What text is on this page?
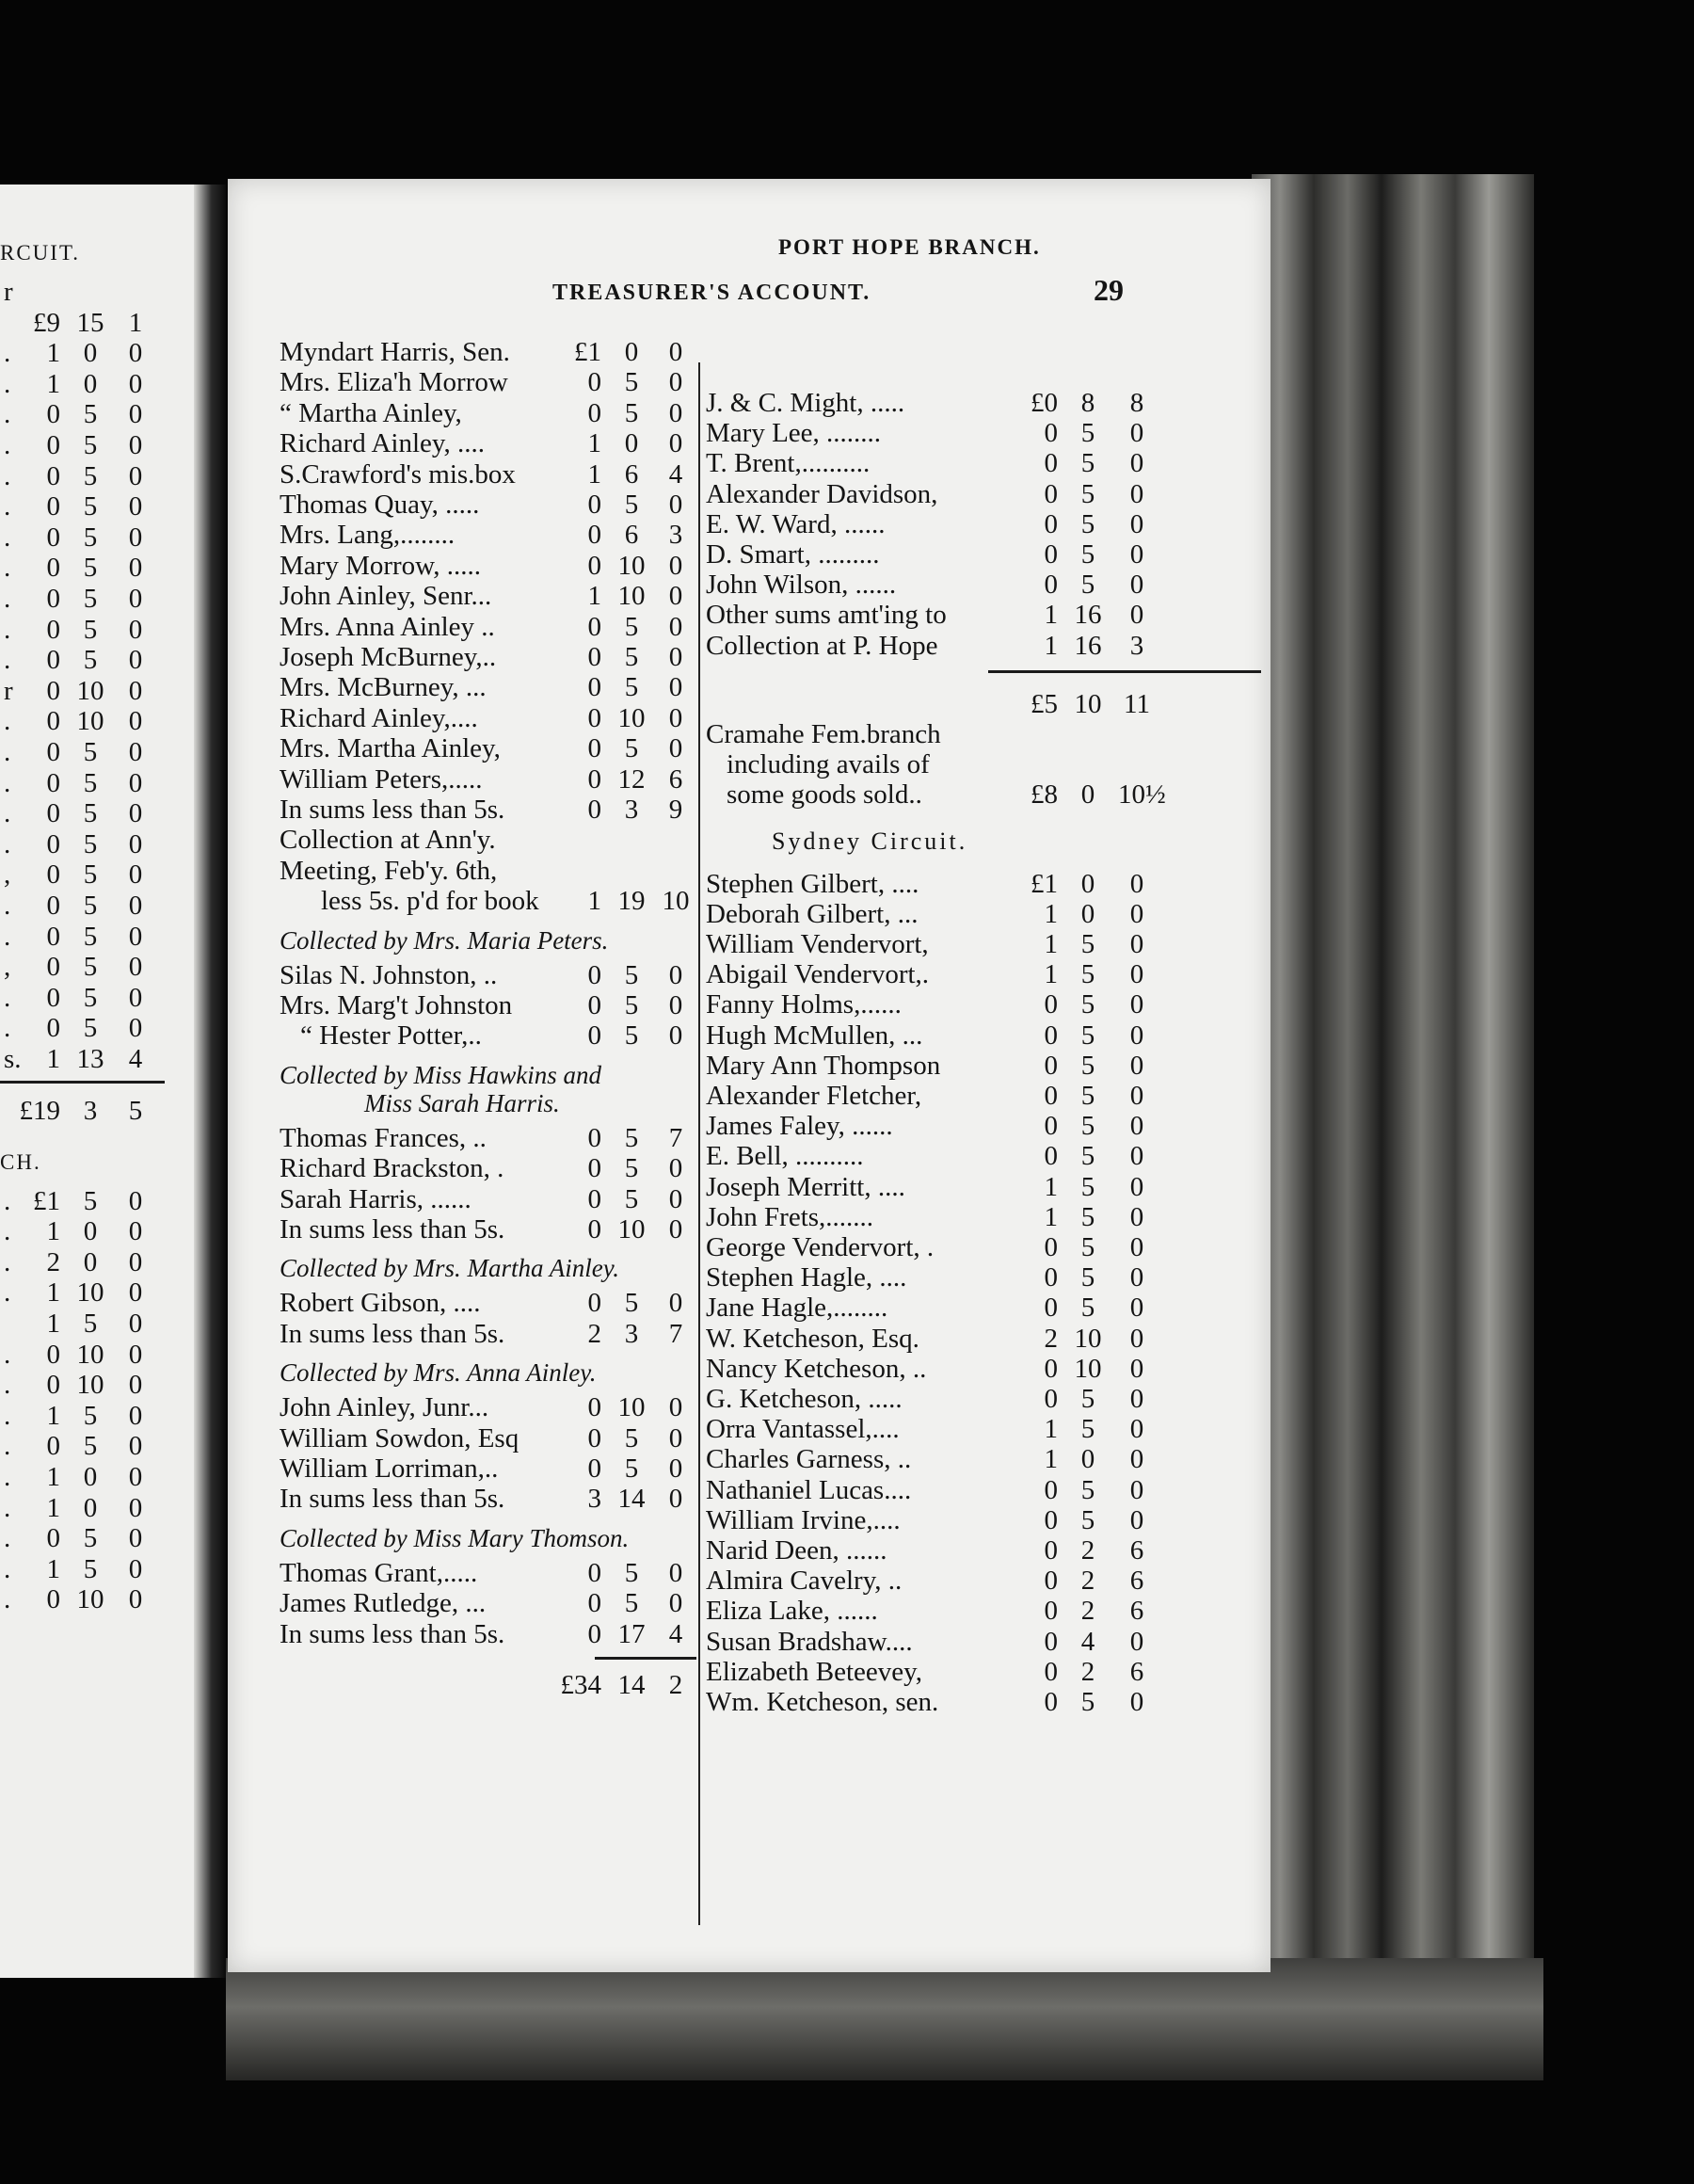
RCUIT.
r
£9 15 1
.	1 0	0
.	1 0	0
.	0 5	0
.	0 5	0
.	0 5	0
.	0 5	0
.	0 5	0
.	0 5	0
.	0 5	0
.	0 5	0
.	0 5	0
r	0 10 0
.	0 10 0
.	0 5	0
.	0 5	0
.	0 5	0
.	0 5	0
,	0 5	0
.	0 5	0
.	0 5	0
,	0 5	0
.	0 5	0
.	0 5	0
s. 1 13 4
£19 3	5
CH.
. £1 5	0
.	1 0	0
.	2 0	0
.	1 10 0
1 5	0
.	0 10 0
.	0 10 0
.	1 5	0
.	0 5	0
.	1 0	0
.	1 0	0
.	0 5	0
.	1 5	0
.	0 10 0
TREASURER'S ACCOUNT.	29
Myndart Harris, Sen.	£1 0	0
Mrs. Eliza'h Morrow	0 5	0
“ Martha Ainley,	0 5	0
Richard Ainley, ....	1 0	0
S.Crawford's mis.box	1 6	4
Thomas Quay, .....	0 5	0
Mrs. Lang,........	0 6	3
Mary Morrow, .....	0 10 0
John Ainley, Senr...	1 10 0
Mrs. Anna Ainley ..	0 5	0
Joseph McBurney,..	0 5	0
Mrs. McBurney, ...	0 5	0
Richard Ainley,....	0 10 0
Mrs. Martha Ainley,	0 5	0
William Peters,.....	0 12 6
In sums less than 5s.	0 3	9
Collection at Ann'y.
Meeting, Feb'y. 6th,
less 5s. p'd for book	1 19 10
Collected by Mrs. Maria Peters.
Silas N. Johnston, ..	0 5	0
Mrs. Marg't Johnston	0 5	0
“ Hester Potter,..	0 5	0
Collected by Miss Hawkins and
Miss Sarah Harris.
Thomas Frances, ..	0 5	7
Richard Brackston, .	0 5	0
Sarah Harris, ......	0 5	0
In sums less than 5s.	0 10 0
Collected by Mrs. Martha Ainley.
Robert Gibson, ....	0 5	0
In sums less than 5s.	2 3	7
Collected by Mrs. Anna Ainley.
John Ainley, Junr...	0 10 0
William Sowdon, Esq	0 5	0
William Lorriman,..	0 5	0
In sums less than 5s.	3 14 0
Collected by Miss Mary Thomson.
Thomas Grant,.....	0 5	0
James Rutledge, ...	0 5	0
In sums less than 5s.	0 17 4
£34 14 2
PORT HOPE BRANCH.
J. & C. Might, .....	£0 8	8
Mary Lee, ........	0 5	0
T. Brent,..........	0 5	0
Alexander Davidson,	0 5	0
E. W. Ward, ......	0 5	0
D. Smart, .........	0 5	0
John Wilson, ......	0 5	0
Other sums amt'ing to	1 16	0
Collection at P. Hope	1 16	3
£5 10 11
Cramahe Fem.branch
including avails of
some goods sold..	£8 0 10½
Sydney Circuit.
Stephen Gilbert, ....	£1 0	0
Deborah Gilbert, ...	1 0	0
William Vendervort,	1 5	0
Abigail Vendervort,.	1 5	0
Fanny Holms,......	0 5	0
Hugh McMullen, ...	0 5	0
Mary Ann Thompson	0 5	0
Alexander Fletcher,	0 5	0
James Faley, ......	0 5	0
E. Bell, ..........	0 5	0
Joseph Merritt, ....	1 5	0
John Frets,.......	1 5	0
George Vendervort, .	0 5	0
Stephen Hagle, ....	0 5	0
Jane Hagle,........	0 5	0
W. Ketcheson, Esq.	2 10	0
Nancy Ketcheson, ..	0 10	0
G. Ketcheson, .....	0 5	0
Orra Vantassel,....	1 5	0
Charles Garness, ..	1 0	0
Nathaniel Lucas....	0 5	0
William Irvine,....	0 5	0
Narid Deen, ......	0 2	6
Almira Cavelry, ..	0 2	6
Eliza Lake, ......	0 2	6
Susan Bradshaw....	0 4	0
Elizabeth Beteevey,	0 2	6
Wm. Ketcheson, sen.	0 5	0
